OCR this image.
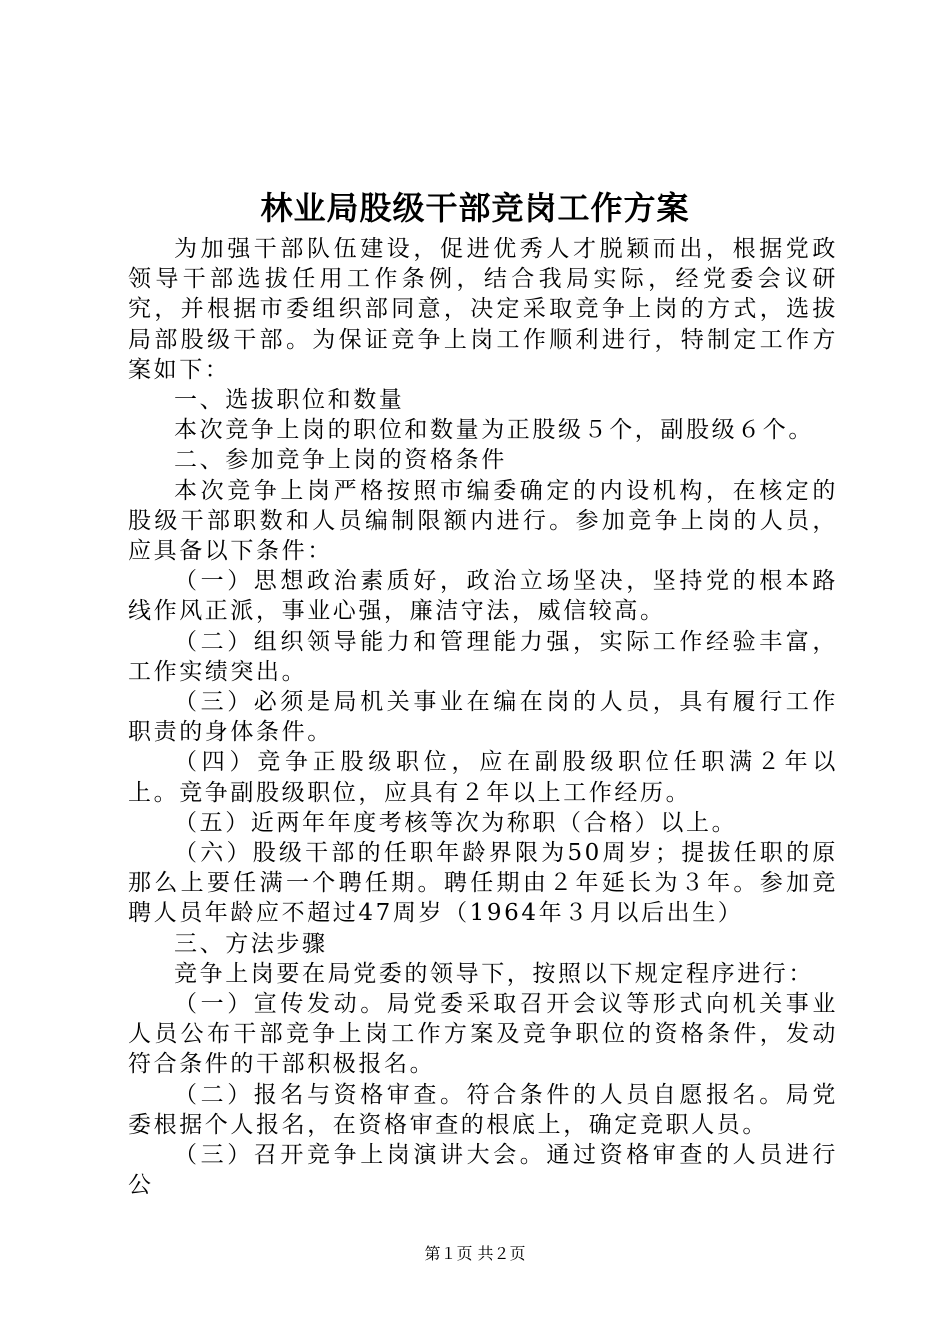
林业局股级干部竞岗工作方案

为加强干部队伍建设，促进优秀人才脱颖而出，根据党政领导干部选拔任用工作条例，结合我局实际，经党委会议研究，并根据市委组织部同意，决定采取竞争上岗的方式，选拔局部股级干部。为保证竞争上岗工作顺利进行，特制定工作方案如下：

一、选拔职位和数量

本次竞争上岗的职位和数量为正股级５个，副股级６个。

二、参加竞争上岗的资格条件

本次竞争上岗严格按照市编委确定的内设机构，在核定的股级干部职数和人员编制限额内进行。参加竞争上岗的人员，应具备以下条件：

（一）思想政治素质好，政治立场坚决，坚持党的根本路线作风正派，事业心强，廉洁守法，威信较高。

（二）组织领导能力和管理能力强，实际工作经验丰富，工作实绩突出。

（三）必须是局机关事业在编在岗的人员，具有履行工作职责的身体条件。

（四）竞争正股级职位，应在副股级职位任职满２年以上。竞争副股级职位，应具有２年以上工作经历。

（五）近两年年度考核等次为称职（合格）以上。

（六）股级干部的任职年龄界限为50周岁；提拔任职的原那么上要任满一个聘任期。聘任期由２年延长为３年。参加竞聘人员年龄应不超过47周岁（1964年３月以后出生）

三、方法步骤

竞争上岗要在局党委的领导下，按照以下规定程序进行：

（一）宣传发动。局党委采取召开会议等形式向机关事业人员公布干部竞争上岗工作方案及竞争职位的资格条件，发动符合条件的干部积极报名。

（二）报名与资格审查。符合条件的人员自愿报名。局党委根据个人报名，在资格审查的根底上，确定竞职人员。

（三）召开竞争上岗演讲大会。通过资格审查的人员进行公

第１页 共２页
